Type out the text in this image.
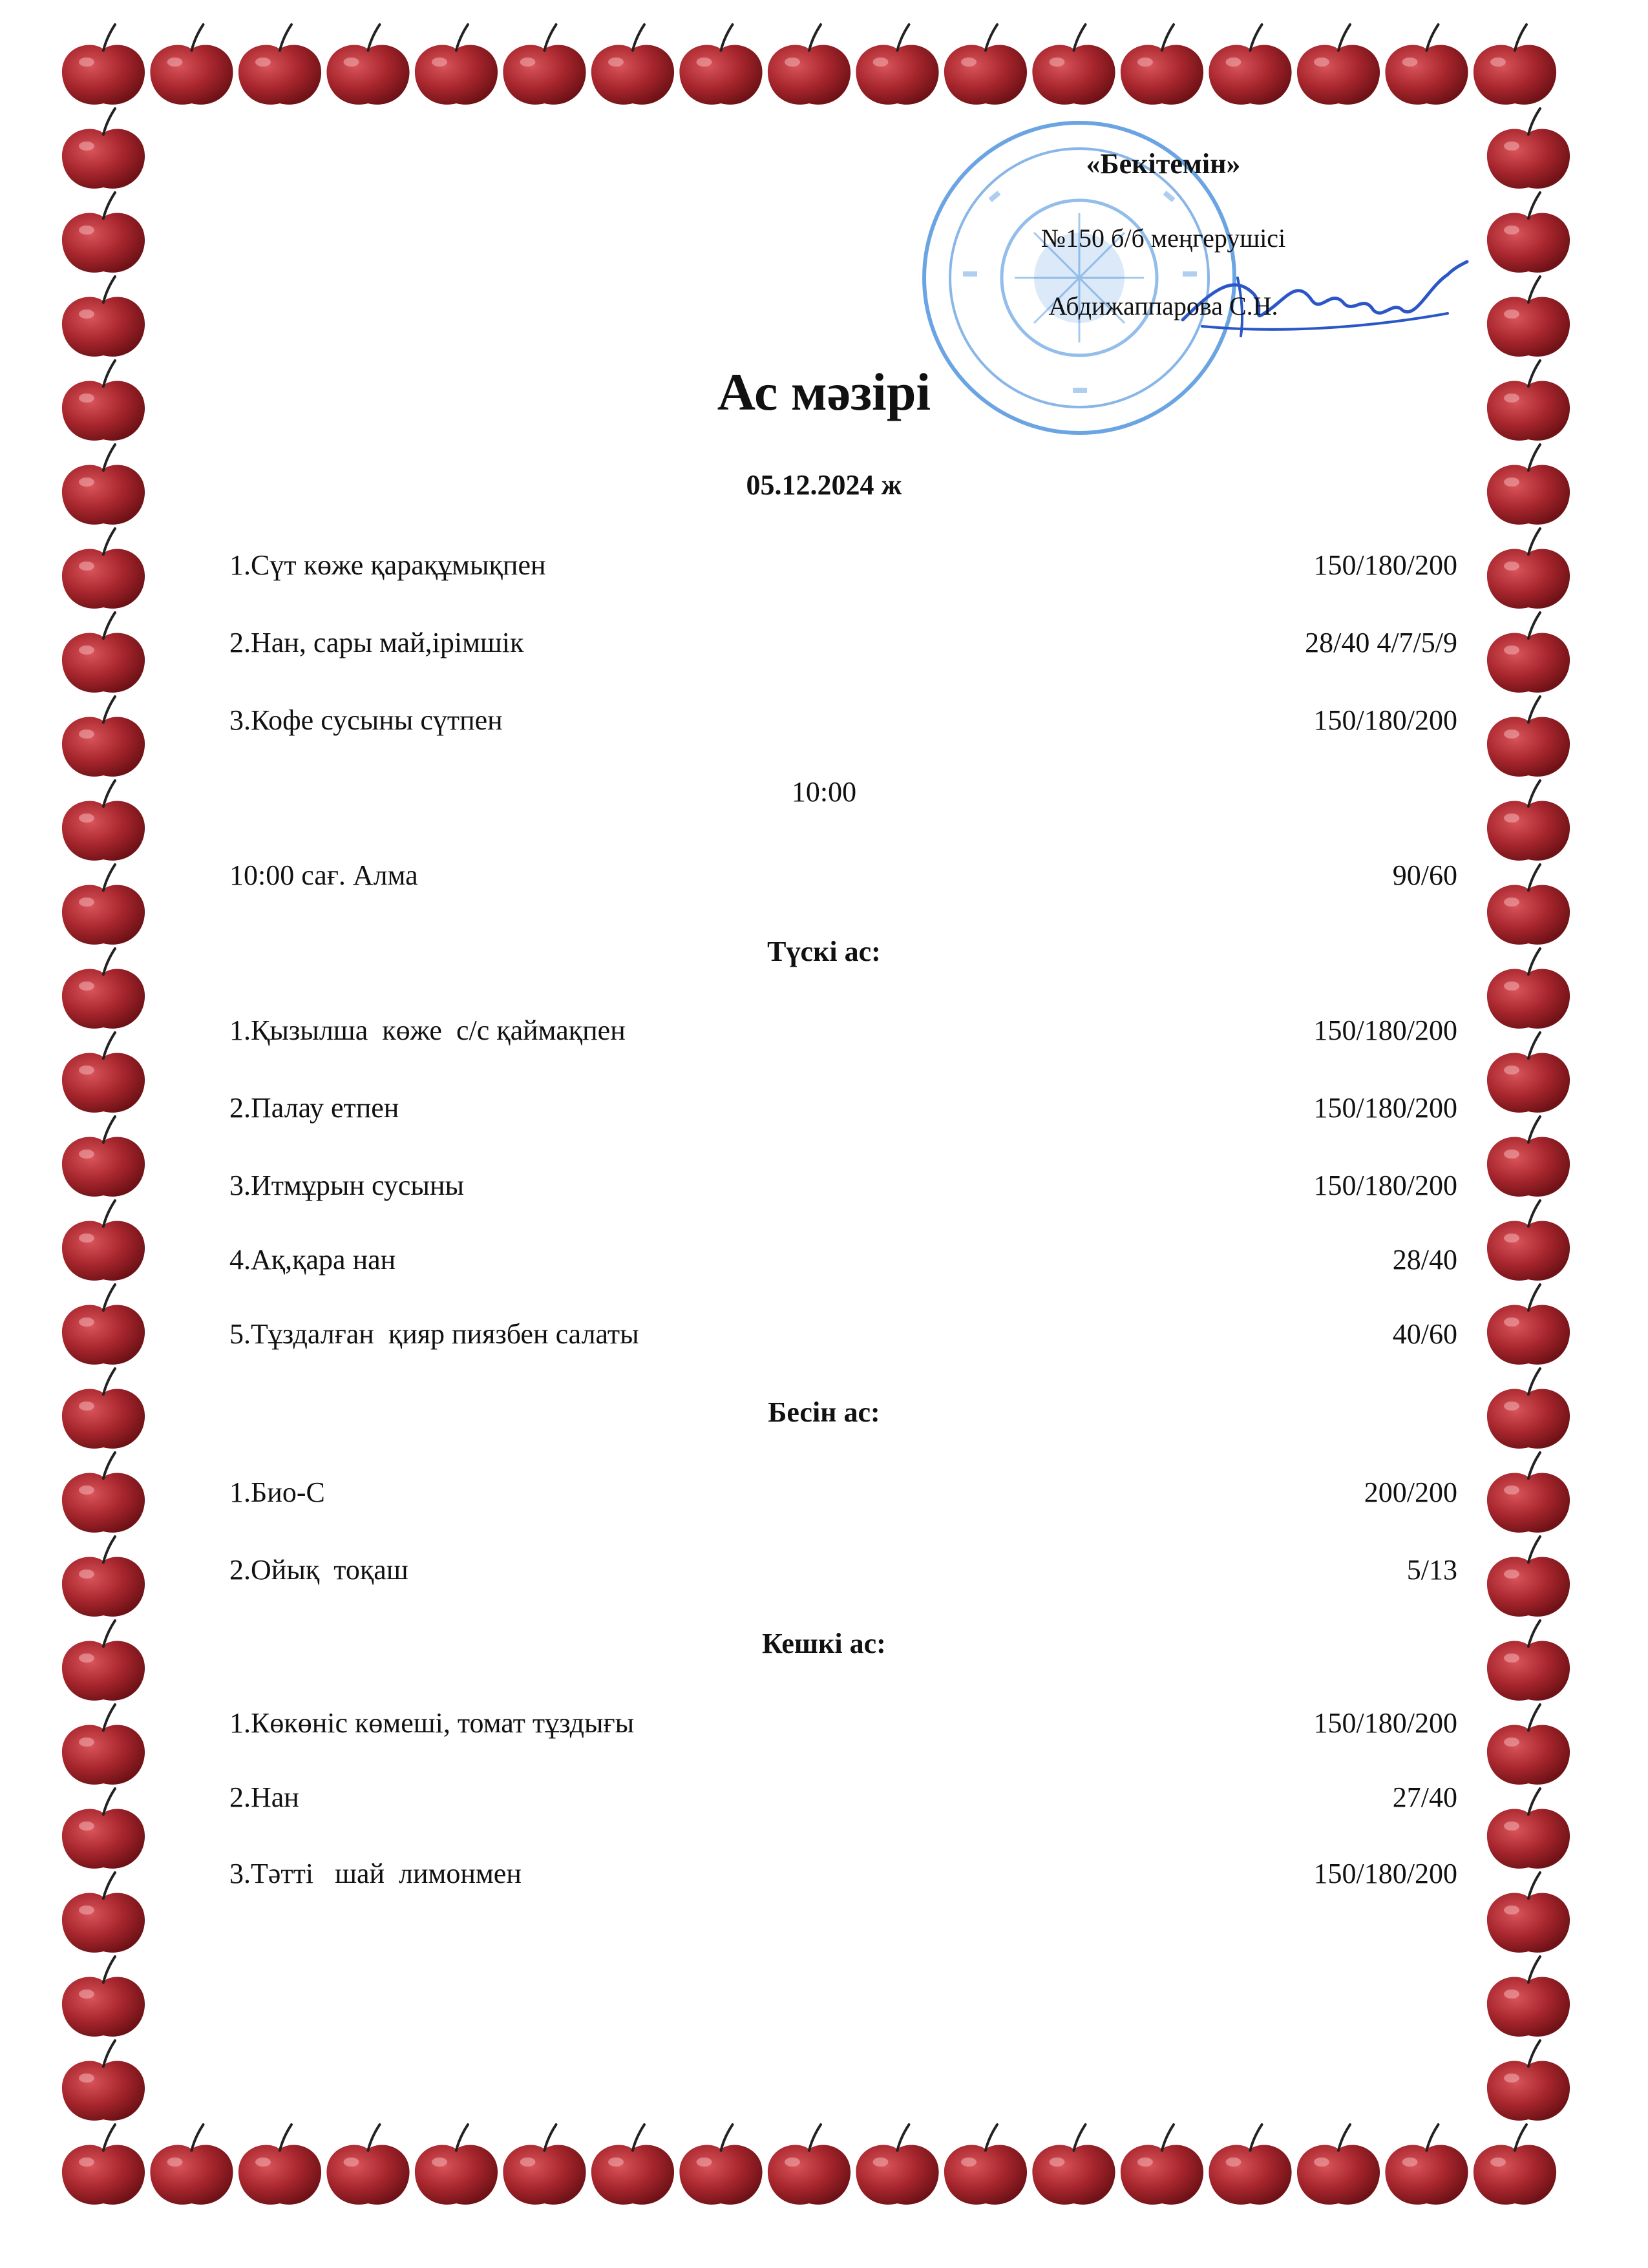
«Бекітемін»
№150 б/б меңгерушісі
Абдижаппарова С.Н.
Ас мәзірі
05.12.2024 ж
1.Сүт көже қарақұмықпен	150/180/200
2.Нан, сары май,ірімшік	28/40 4/7/5/9
3.Кофе сусыны сүтпен	150/180/200
10:00
10:00 сағ. Алма	90/60
Түскі ас:
1.Қызылша  көже  с/с қаймақпен	150/180/200
2.Палау етпен	150/180/200
3.Итмұрын сусыны	150/180/200
4.Ақ,қара нан	28/40
5.Тұздалған  қияр пиязбен салаты	40/60
Бесін ас:
1.Био-С	200/200
2.Ойық  тоқаш	5/13
Кешкі ас:
1.Көкөніс көмеші, томат тұздығы	150/180/200
2.Нан	27/40
3.Тәтті   шай  лимонмен	150/180/200
